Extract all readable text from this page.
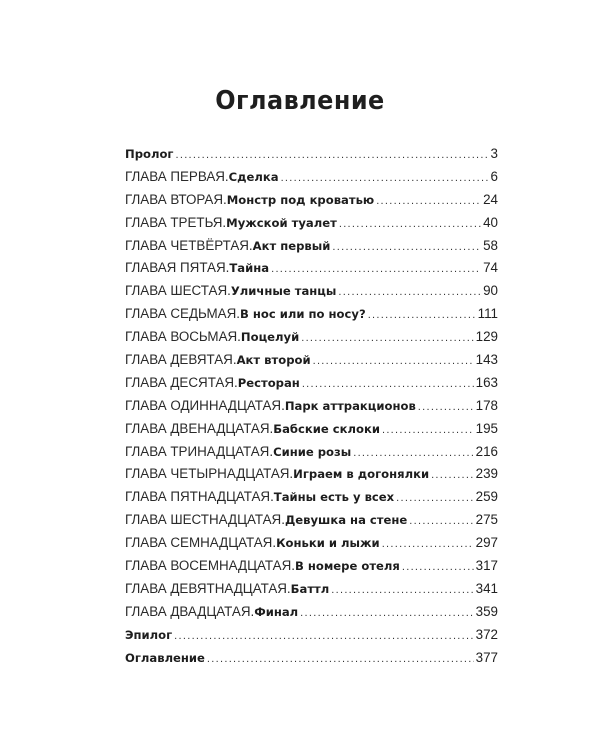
Оглавление
Пролог .....	3
ГЛАВА ПЕРВАЯ. Сделка .....	6
ГЛАВА ВТОРАЯ. Монстр под кроватью .....	24
ГЛАВА ТРЕТЬЯ. Мужской туалет .....	40
ГЛАВА ЧЕТВЁРТАЯ. Акт первый .....	58
ГЛАВАЯ ПЯТАЯ. Тайна .....	74
ГЛАВА ШЕСТАЯ. Уличные танцы .....	90
ГЛАВА СЕДЬМАЯ. В нос или по носу? .....	111
ГЛАВА ВОСЬМАЯ. Поцелуй .....	129
ГЛАВА ДЕВЯТАЯ. Акт второй .....	143
ГЛАВА ДЕСЯТАЯ. Ресторан .....	163
ГЛАВА ОДИННАДЦАТАЯ. Парк аттракционов .....	178
ГЛАВА ДВЕНАДЦАТАЯ. Бабские склоки .....	195
ГЛАВА ТРИНАДЦАТАЯ. Синие розы .....	216
ГЛАВА ЧЕТЫРНАДЦАТАЯ. Играем в догонялки .....	239
ГЛАВА ПЯТНАДЦАТАЯ. Тайны есть у всех .....	259
ГЛАВА ШЕСТНАДЦАТАЯ. Девушка на стене .....	275
ГЛАВА СЕМНАДЦАТАЯ. Коньки и лыжи .....	297
ГЛАВА ВОСЕМНАДЦАТАЯ. В номере отеля .....	317
ГЛАВА ДЕВЯТНАДЦАТАЯ. Баттл .....	341
ГЛАВА ДВАДЦАТАЯ. Финал .....	359
Эпилог .....	372
Оглавление .....	377
